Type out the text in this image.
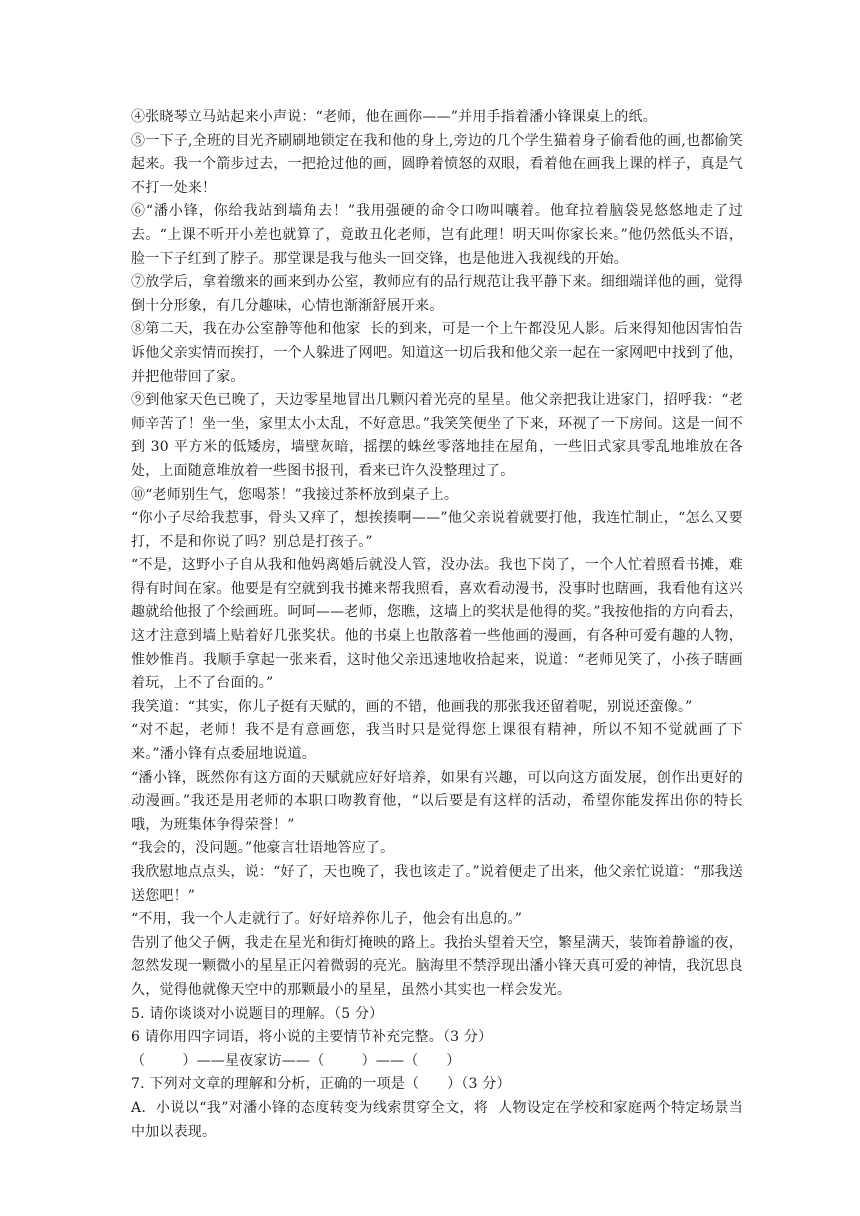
④张晓琴立马站起来小声说：“老师，他在画你——”并用手指着潘小锋课桌上的纸。

⑤一下子,全班的目光齐刷刷地锁定在我和他的身上,旁边的几个学生猫着身子偷看他的画,也都偷笑起来。我一个箭步过去，一把抢过他的画，圆睁着愤怒的双眼，看着他在画我上课的样子，真是气不打一处来！

⑥“潘小锋，你给我站到墙角去！”我用强硬的命令口吻叫嚷着。他耷拉着脑袋晃悠悠地走了过去。“上课不听开小差也就算了，竟敢丑化老师，岂有此理！明天叫你家长来。”他仍然低头不语，脸一下子红到了脖子。那堂课是我与他头一回交锋，也是他进入我视线的开始。

⑦放学后，拿着缴来的画来到办公室，教师应有的品行规范让我平静下来。细细端详他的画，觉得倒十分形象，有几分趣味，心情也渐渐舒展开来。

⑧第二天，我在办公室静等他和他家  长的到来，可是一个上午都没见人影。后来得知他因害怕告诉他父亲实情而挨打，一个人躲进了网吧。知道这一切后我和他父亲一起在一家网吧中找到了他，并把他带回了家。

⑨到他家天色已晚了，天边零星地冒出几颗闪着光亮的星星。他父亲把我让进家门，招呼我：“老师辛苦了！坐一坐，家里太小太乱，不好意思。”我笑笑便坐了下来，环视了一下房间。这是一间不到 30 平方米的低矮房，墙壁灰暗，摇摆的蛛丝零落地挂在屋角，一些旧式家具零乱地堆放在各处，上面随意堆放着一些图书报刊，看来已许久没整理过了。

⑩“老师别生气，您喝茶！”我接过茶杯放到桌子上。

“你小子尽给我惹事，骨头又痒了，想挨揍啊——”他父亲说着就要打他，我连忙制止，“怎么又要打，不是和你说了吗？别总是打孩子。”

“不是，这野小子自从我和他妈离婚后就没人管，没办法。我也下岗了，一个人忙着照看书摊，难得有时间在家。他要是有空就到我书摊来帮我照看，喜欢看动漫书，没事时也瞎画，我看他有这兴趣就给他报了个绘画班。呵呵——老师，您瞧，这墙上的奖状是他得的奖。”我按他指的方向看去，这才注意到墙上贴着好几张奖状。他的书桌上也散落着一些他画的漫画，有各种可爱有趣的人物，惟妙惟肖。我顺手拿起一张来看，这时他父亲迅速地收拾起来，说道：“老师见笑了，小孩子瞎画着玩，上不了台面的。”

我笑道：“其实，你儿子挺有天赋的，画的不错，他画我的那张我还留着呢，别说还蛮像。”

“对不起，老师！我不是有意画您，我当时只是觉得您上课很有精神，所以不知不觉就画了下来。”潘小锋有点委屈地说道。

“潘小锋，既然你有这方面的天赋就应好好培养，如果有兴趣，可以向这方面发展，创作出更好的动漫画。”我还是用老师的本职口吻教育他，“以后要是有这样的活动，希望你能发挥出你的特长哦，为班集体争得荣誉！”

“我会的，没问题。”他豪言壮语地答应了。

我欣慰地点点头，说：“好了，天也晚了，我也该走了。”说着便走了出来，他父亲忙说道：“那我送送您吧！”

“不用，我一个人走就行了。好好培养你儿子，他会有出息的。”

告别了他父子俩，我走在星光和街灯掩映的路上。我抬头望着天空，繁星满天，装饰着静谧的夜，忽然发现一颗微小的星星正闪着微弱的亮光。脑海里不禁浮现出潘小锋天真可爱的神情，我沉思良久，觉得他就像天空中的那颗最小的星星，虽然小其实也一样会发光。

5. 请你谈谈对小说题目的理解。（5 分）

6 请你用四字词语，将小说的主要情节补充完整。（3 分）

（        ）——星夜家访——（        ）——（      ）

7. 下列对文章的理解和分析，正确的一项是（      ）（3 分）

A．小说以“我”对潘小锋的态度转变为线索贯穿全文，将  人物设定在学校和家庭两个特定场景当中加以表现。
